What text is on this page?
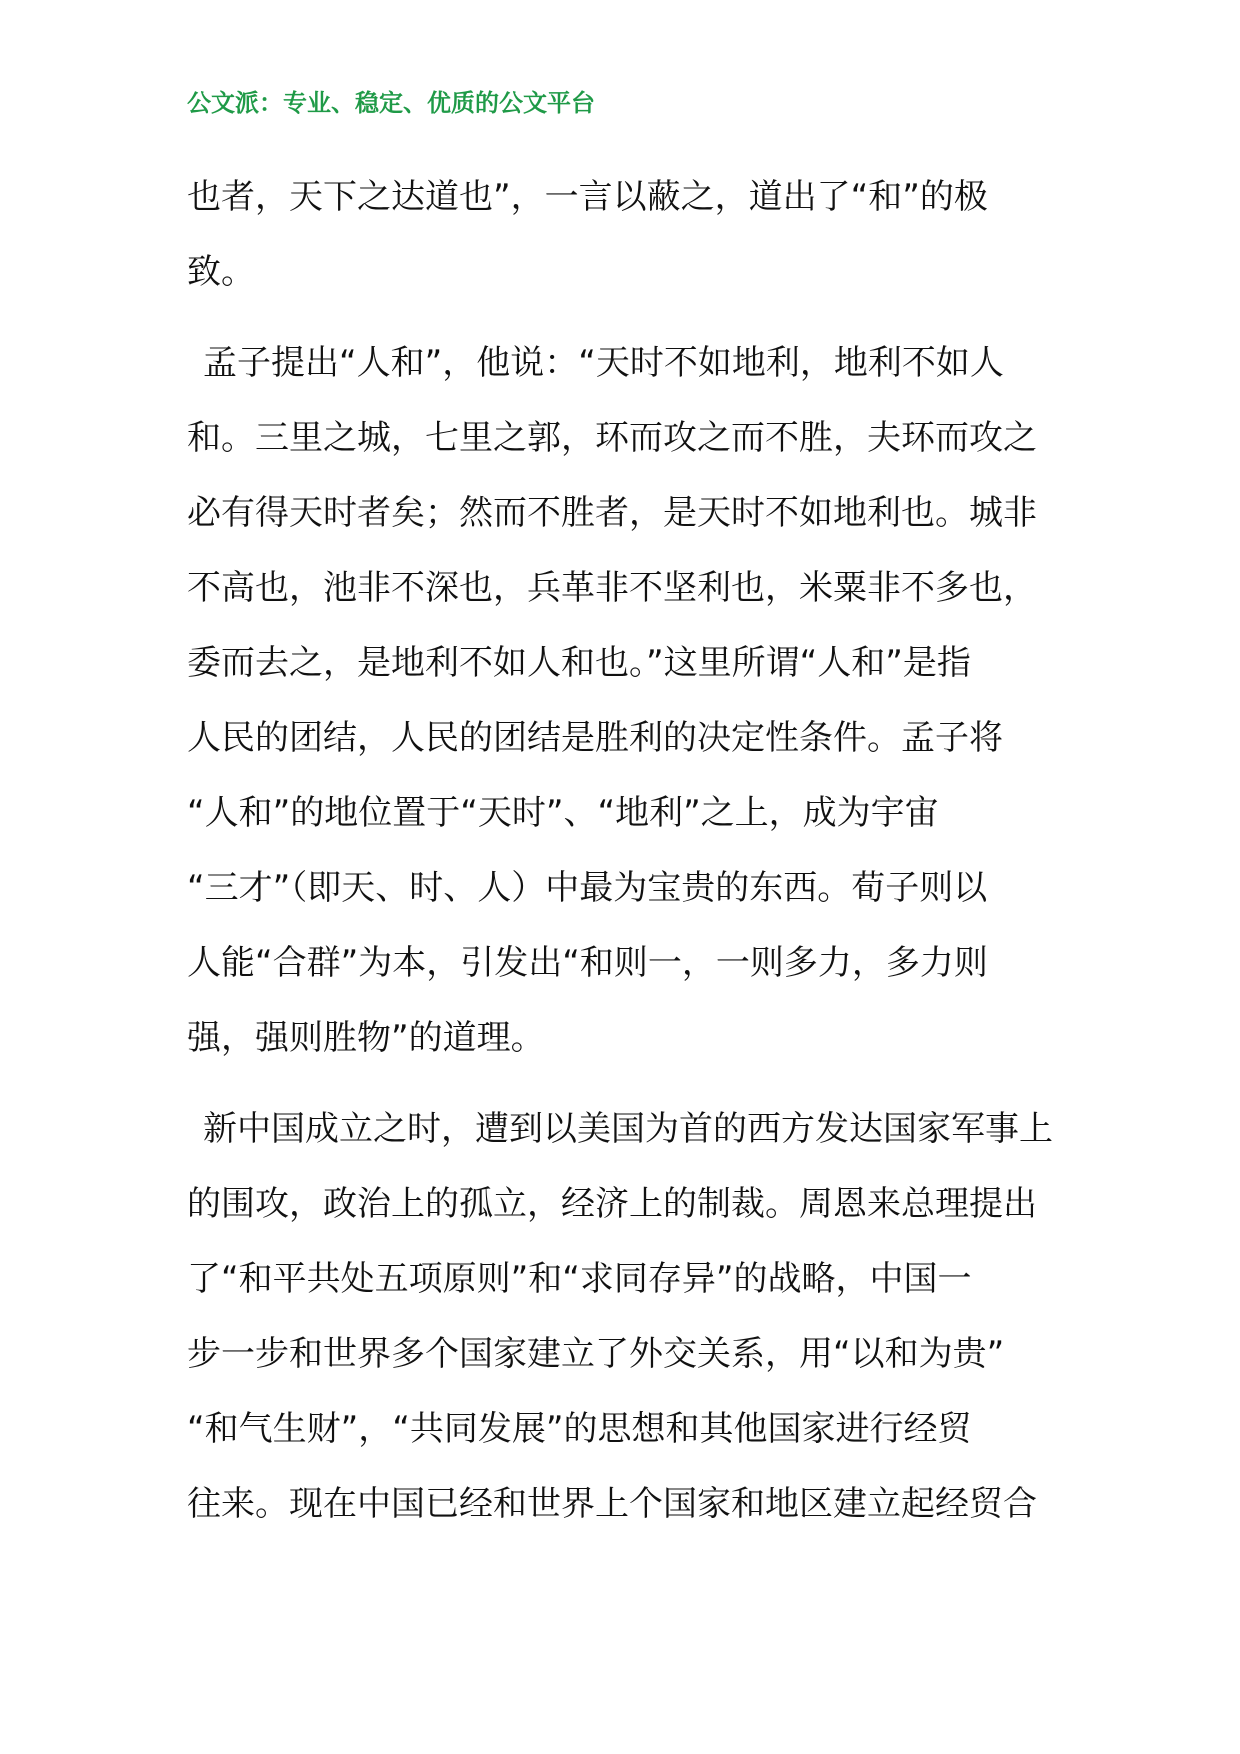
公文派：专业、稳定、优质的公文平台
也者，天下之达道也”，一言以蔽之，道出了“和”的极
致。
孟子提出“人和”，他说：“天时不如地利，地利不如人
和。三里之城，七里之郭，环而攻之而不胜，夫环而攻之
必有得天时者矣；然而不胜者，是天时不如地利也。城非
不高也，池非不深也，兵革非不坚利也，米粟非不多也，
委而去之，是地利不如人和也。”这里所谓“人和”是指
人民的团结，人民的团结是胜利的决定性条件。孟子将
“人和”的地位置于“天时”、“地利”之上，成为宇宙
“三才”（即天、时、人）中最为宝贵的东西。荀子则以
人能“合群”为本，引发出“和则一，一则多力，多力则
强，强则胜物”的道理。
新中国成立之时，遭到以美国为首的西方发达国家军事上
的围攻，政治上的孤立，经济上的制裁。周恩来总理提出
了“和平共处五项原则”和“求同存异”的战略，中国一
步一步和世界多个国家建立了外交关系，用“以和为贵”
“和气生财”，“共同发展”的思想和其他国家进行经贸
往来。现在中国已经和世界上个国家和地区建立起经贸合
